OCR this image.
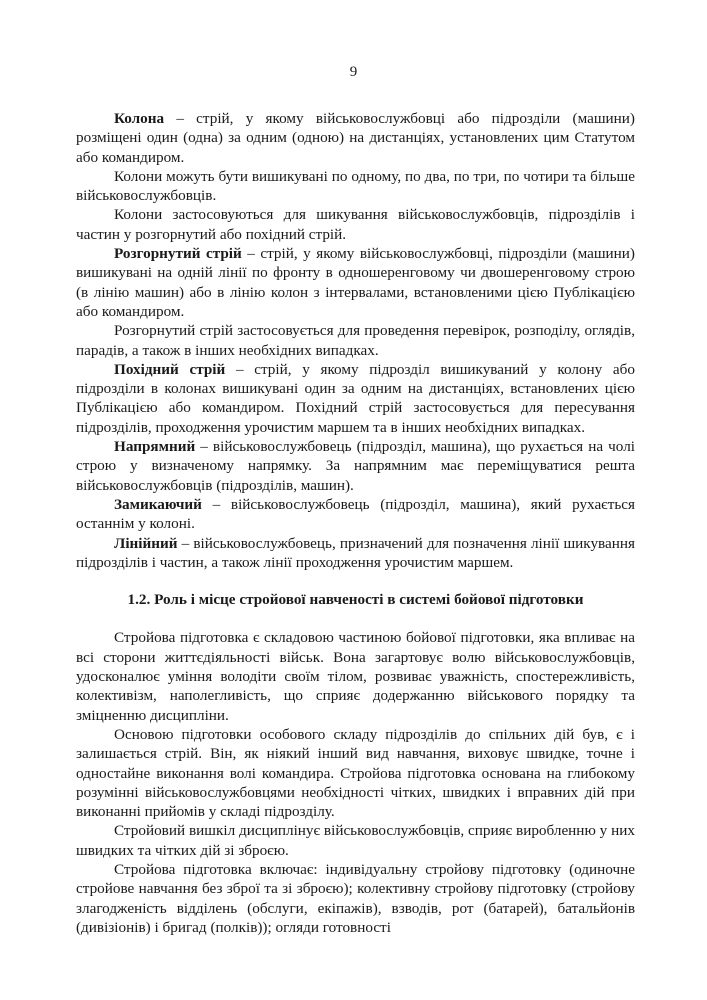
9

Колона – стрій, у якому військовослужбовці або підрозділи (машини) розміщені один (одна) за одним (одною) на дистанціях, установлених цим Статутом або командиром.

Колони можуть бути вишикувані по одному, по два, по три, по чотири та більше військовослужбовців.

Колони застосовуються для шикування військовослужбовців, підрозділів і частин у розгорнутий або похідний стрій.

Розгорнутий стрій – стрій, у якому військовослужбовці, підрозділи (машини) вишикувані на одній лінії по фронту в одношеренговому чи двошеренговому строю (в лінію машин) або в лінію колон з інтервалами, встановленими цією Публікацією або командиром.

Розгорнутий стрій застосовується для проведення перевірок, розподілу, оглядів, парадів, а також в інших необхідних випадках.

Похідний стрій – стрій, у якому підрозділ вишикуваний у колону або підрозділи в колонах вишикувані один за одним на дистанціях, встановлених цією Публікацією або командиром. Похідний стрій застосовується для пересування підрозділів, проходження урочистим маршем та в інших необхідних випадках.

Напрямний – військовослужбовець (підрозділ, машина), що рухається на чолі строю у визначеному напрямку. За напрямним має переміщуватися решта військовослужбовців (підрозділів, машин).

Замикаючий – військовослужбовець (підрозділ, машина), який рухається останнім у колоні.

Лінійний – військовослужбовець, призначений для позначення лінії шикування підрозділів і частин, а також лінії проходження урочистим маршем.

1.2. Роль і місце стройової навченості в системі бойової підготовки

Стройова підготовка є складовою частиною бойової підготовки, яка впливає на всі сторони життєдіяльності військ. Вона загартовує волю військовослужбовців, удосконалює уміння володіти своїм тілом, розвиває уважність, спостережливість, колективізм, наполегливість, що сприяє додержанню військового порядку та зміцненню дисципліни.

Основою підготовки особового складу підрозділів до спільних дій був, є і залишається стрій. Він, як ніякий інший вид навчання, виховує швидке, точне і одностайне виконання волі командира. Стройова підготовка основана на глибокому розумінні військовослужбовцями необхідності чітких, швидких і вправних дій при виконанні прийомів у складі підрозділу.

Стройовий вишкіл дисциплінує військовослужбовців, сприяє виробленню у них швидких та чітких дій зі зброєю.

Стройова підготовка включає: індивідуальну стройову підготовку (одиночне стройове навчання без зброї та зі зброєю); колективну стройову підготовку (стройову злагодженість відділень (обслуги, екіпажів), взводів, рот (батарей), батальйонів (дивізіонів) і бригад (полків)); огляди готовності
